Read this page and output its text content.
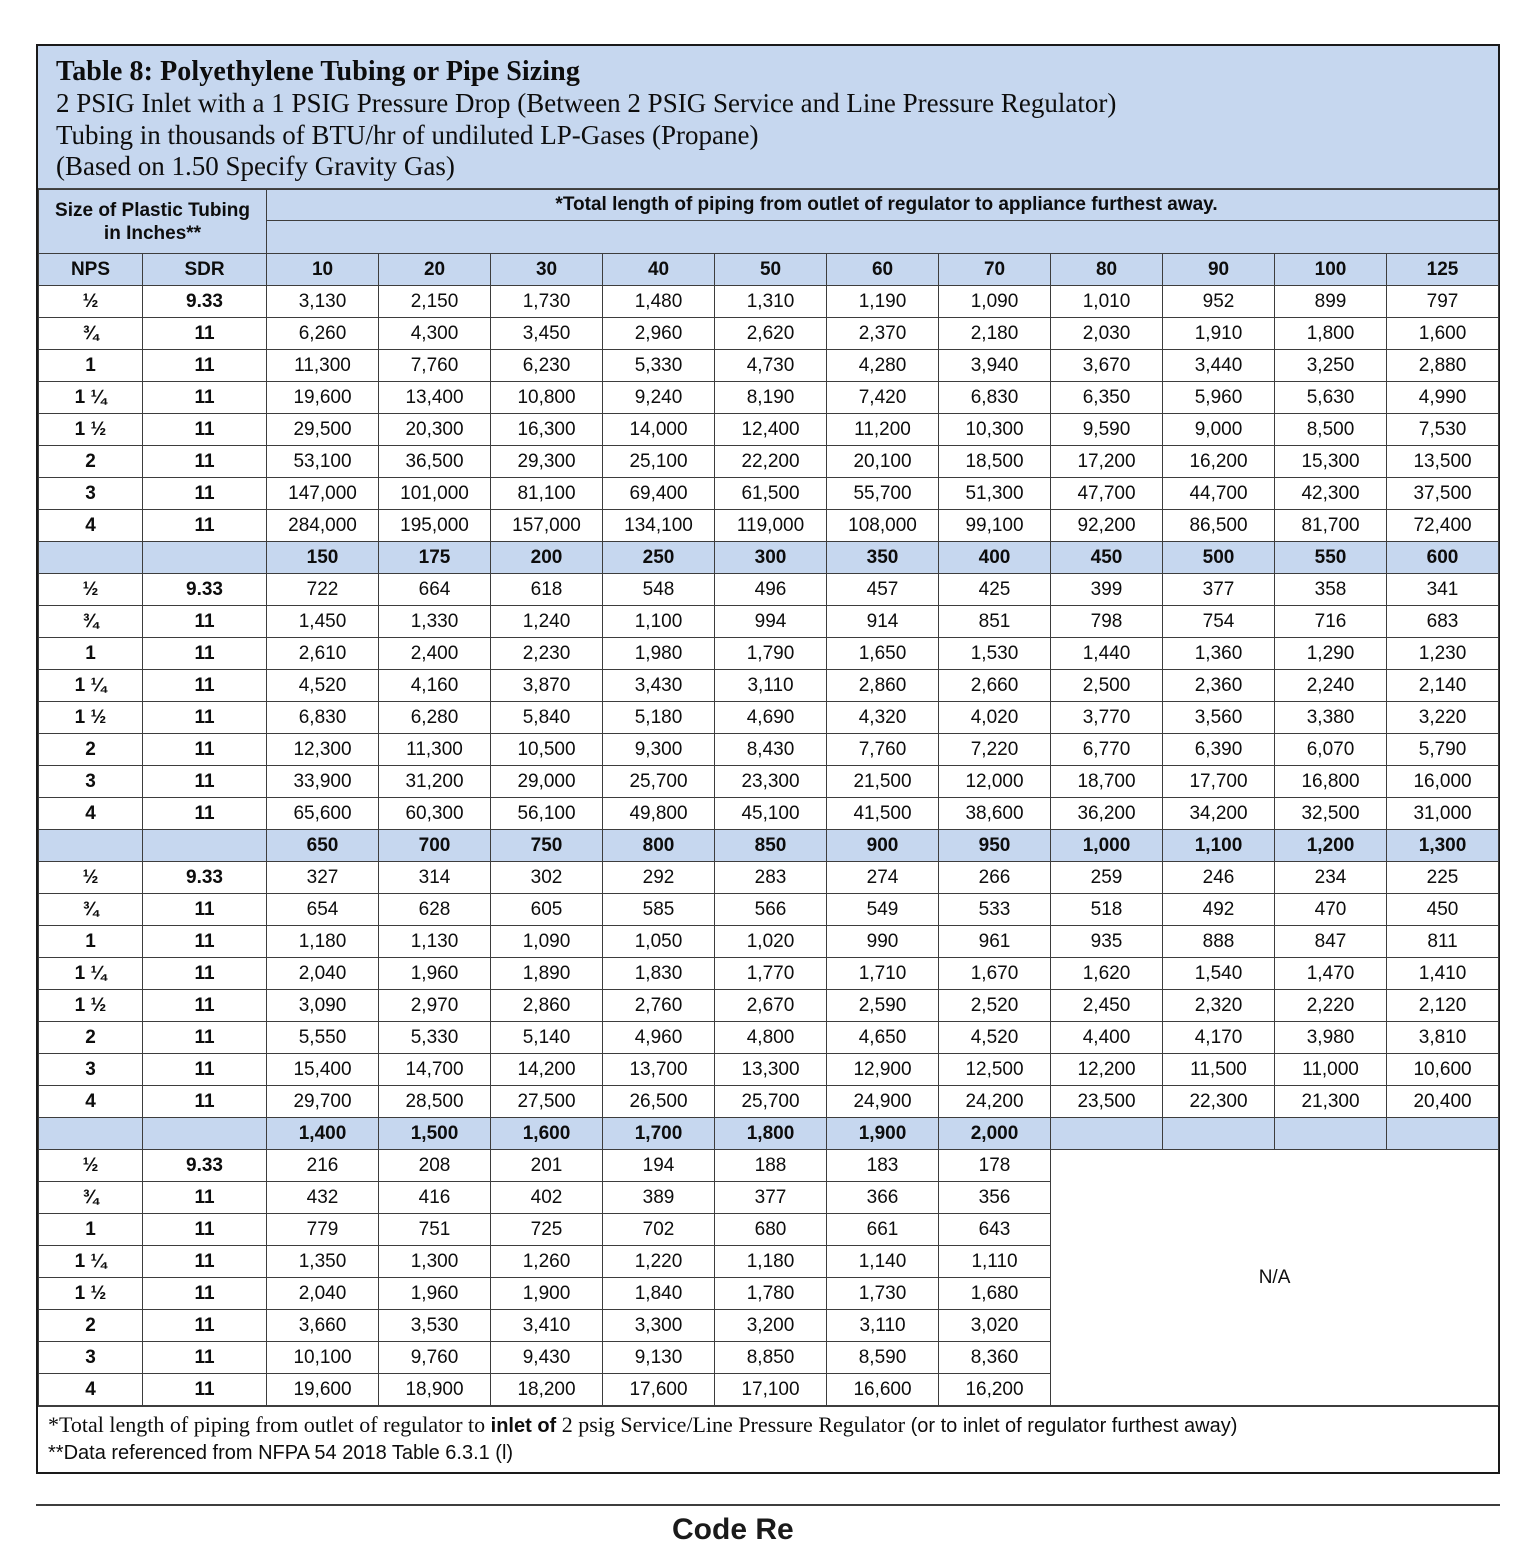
Table 8: Polyethylene Tubing or Pipe Sizing
2 PSIG Inlet with a 1 PSIG Pressure Drop (Between 2 PSIG Service and Line Pressure Regulator)
Tubing in thousands of BTU/hr of undiluted LP-Gases (Propane)
(Based on 1.50 Specify Gravity Gas)
Size of Plastic Tubing
in Inches**		*Total length of piping from outlet of regulator to appliance furthest away.										

NPS	SDR	10	20	30	40	50	60	70	80	90	100	125
½	9.33	3,130	2,150	1,730	1,480	1,310	1,190	1,090	1,010	952	899	797
¾	11	6,260	4,300	3,450	2,960	2,620	2,370	2,180	2,030	1,910	1,800	1,600
1	11	11,300	7,760	6,230	5,330	4,730	4,280	3,940	3,670	3,440	3,250	2,880
1 ¼	11	19,600	13,400	10,800	9,240	8,190	7,420	6,830	6,350	5,960	5,630	4,990
1 ½	11	29,500	20,300	16,300	14,000	12,400	11,200	10,300	9,590	9,000	8,500	7,530
2	11	53,100	36,500	29,300	25,100	22,200	20,100	18,500	17,200	16,200	15,300	13,500
3	11	147,000	101,000	81,100	69,400	61,500	55,700	51,300	47,700	44,700	42,300	37,500
4	11	284,000	195,000	157,000	134,100	119,000	108,000	99,100	92,200	86,500	81,700	72,400
		150	175	200	250	300	350	400	450	500	550	600
½	9.33	722	664	618	548	496	457	425	399	377	358	341
¾	11	1,450	1,330	1,240	1,100	994	914	851	798	754	716	683
1	11	2,610	2,400	2,230	1,980	1,790	1,650	1,530	1,440	1,360	1,290	1,230
1 ¼	11	4,520	4,160	3,870	3,430	3,110	2,860	2,660	2,500	2,360	2,240	2,140
1 ½	11	6,830	6,280	5,840	5,180	4,690	4,320	4,020	3,770	3,560	3,380	3,220
2	11	12,300	11,300	10,500	9,300	8,430	7,760	7,220	6,770	6,390	6,070	5,790
3	11	33,900	31,200	29,000	25,700	23,300	21,500	12,000	18,700	17,700	16,800	16,000
4	11	65,600	60,300	56,100	49,800	45,100	41,500	38,600	36,200	34,200	32,500	31,000
		650	700	750	800	850	900	950	1,000	1,100	1,200	1,300
½	9.33	327	314	302	292	283	274	266	259	246	234	225
¾	11	654	628	605	585	566	549	533	518	492	470	450
1	11	1,180	1,130	1,090	1,050	1,020	990	961	935	888	847	811
1 ¼	11	2,040	1,960	1,890	1,830	1,770	1,710	1,670	1,620	1,540	1,470	1,410
1 ½	11	3,090	2,970	2,860	2,760	2,670	2,590	2,520	2,450	2,320	2,220	2,120
2	11	5,550	5,330	5,140	4,960	4,800	4,650	4,520	4,400	4,170	3,980	3,810
3	11	15,400	14,700	14,200	13,700	13,300	12,900	12,500	12,200	11,500	11,000	10,600
4	11	29,700	28,500	27,500	26,500	25,700	24,900	24,200	23,500	22,300	21,300	20,400
		1,400	1,500	1,600	1,700	1,800	1,900	2,000				
½	9.33	216	208	201	194	188	183	178	N/A			
¾	11	432	416	402	389	377	366	356				
1	11	779	751	725	702	680	661	643				
1 ¼	11	1,350	1,300	1,260	1,220	1,180	1,140	1,110				
1 ½	11	2,040	1,960	1,900	1,840	1,780	1,730	1,680				
2	11	3,660	3,530	3,410	3,300	3,200	3,110	3,020				
3	11	10,100	9,760	9,430	9,130	8,850	8,590	8,360				
4	11	19,600	18,900	18,200	17,600	17,100	16,600	16,200				
*Total length of piping from outlet of regulator to inlet of 2 psig Service/Line Pressure Regulator (or to inlet of regulator furthest away)
**Data referenced from NFPA 54 2018 Table 6.3.1 (l)
Code Re
